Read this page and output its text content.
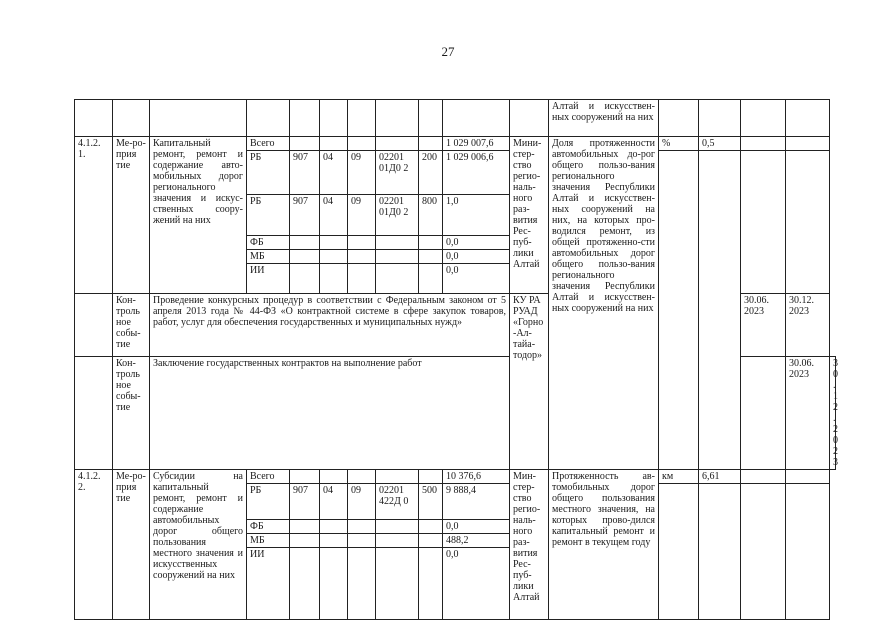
27
											Алтай и искусствен-ных сооружений на них					
4.1.2. 1.	Ме-ро-прия тие	Капитальный ремонт, ремонт и содержание авто-мобильных дорог регионального значения и искус-ственных соору-жений на них	Всего						1 029 007,6	Мини-стер-ство регио-наль-ного раз-вития Рес-пуб-лики Алтай	Доля протяженности автомобильных до-рог общего пользо-вания регионального значения Республики Алтай и искусствен-ных сооружений на них, на которых про-водился ремонт, из общей протяженно-сти автомобильных дорог общего пользо-вания регионального значения Республики Алтай и искусствен-ных сооружений на них	%	0,5			
			РБ	907	04	09	02201 01Д0 2	200	1 029 006,6							
			РБ	907	04	09	02201 01Д0 2	800	1,0							
			ФБ						0,0							
			МБ						0,0							
			ИИ						0,0							
	Кон-троль ное собы-тие	Проведение конкурсных процедур в соответствии с Федеральным законом от 5 апреля 2013 года № 44-ФЗ «О контрактной системе в сфере закупок товаров, работ, услуг для обеспечения государственных и муниципальных нужд»								КУ РА РУАД «Горно -Ал-тайа-тодор»				30.06. 2023	30.12. 2023	
	Кон-троль ное собы-тие	Заключение государственных контрактов на выполнение работ													30.06. 2023	30.12. 2023
4.1.2. 2.	Ме-ро-прия тие	Субсидии на капитальный ремонт, ремонт и содержание автомобильных дорог общего пользования местного значения и искусственных сооружений на них	Всего						10 376,6	Мин-стер-ство регио-наль-ного раз-вития Рес-пуб-лики Алтай	Протяженность ав-томобильных дорог общего пользования местного значения, на которых прово-дился капитальный ремонт и ремонт в текущем году	км	6,61			
			РБ	907	04	09	02201 422Д 0	500	9 888,4							
			ФБ						0,0							
			МБ						488,2							
			ИИ						0,0							
